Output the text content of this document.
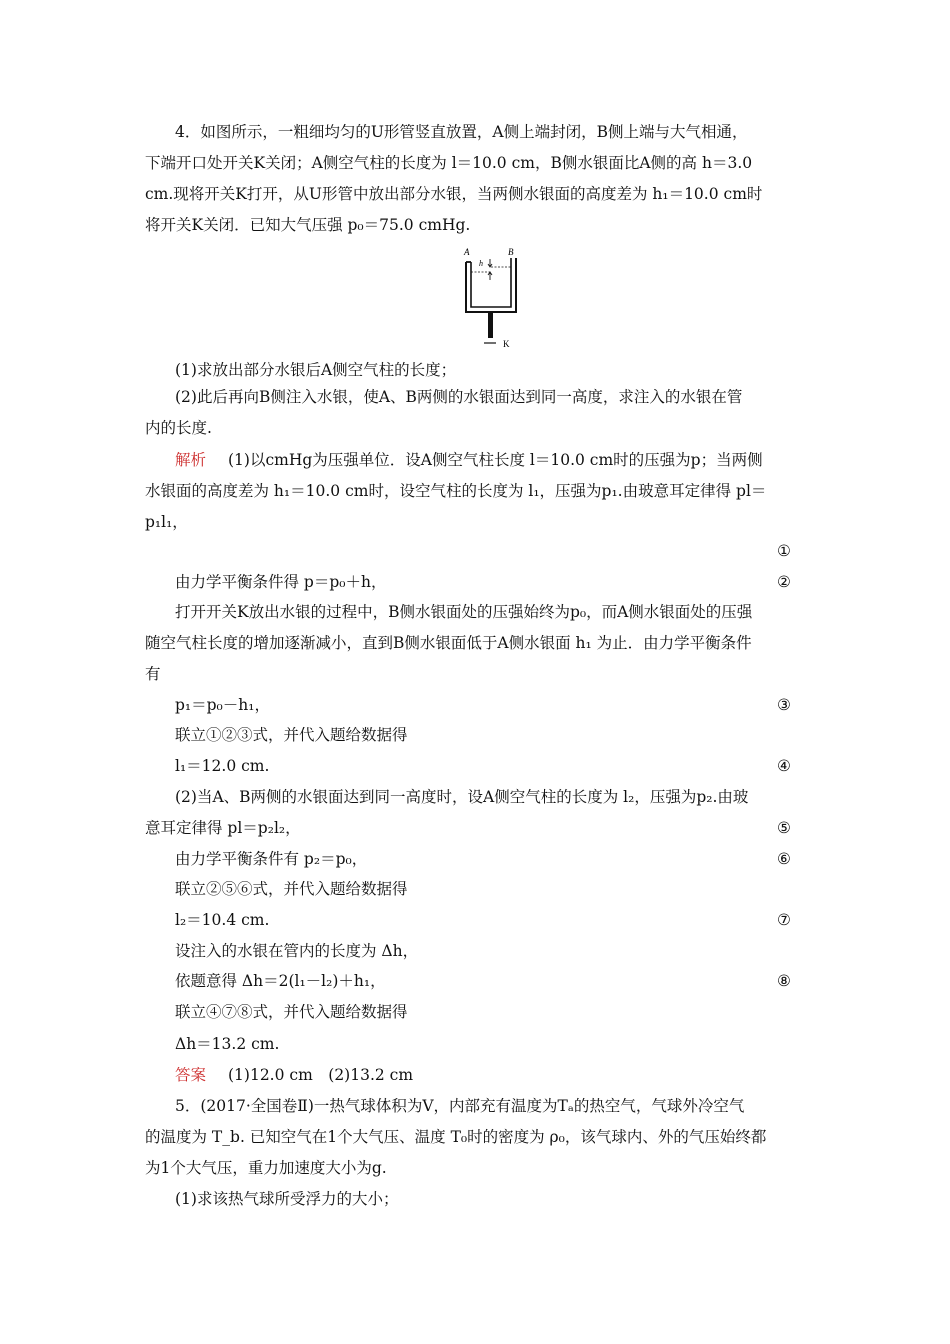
4．如图所示，一粗细均匀的U形管竖直放置，A侧上端封闭，B侧上端与大气相通，
下端开口处开关K关闭；A侧空气柱的长度为 l＝10.0 cm，B侧水银面比A侧的高 h＝3.0
cm.现将开关K打开，从U形管中放出部分水银，当两侧水银面的高度差为 h₁＝10.0 cm时
将开关K关闭．已知大气压强 p₀＝75.0 cmHg.
A	B
h
K
(1)求放出部分水银后A侧空气柱的长度；
(2)此后再向B侧注入水银，使A、B两侧的水银面达到同一高度，求注入的水银在管
内的长度.
解析 (1)以cmHg为压强单位．设A侧空气柱长度 l＝10.0 cm时的压强为p；当两侧
水银面的高度差为 h₁＝10.0 cm时，设空气柱的长度为 l₁，压强为p₁.由玻意耳定律得 pl＝
p₁l₁，
①
由力学平衡条件得 p＝p₀＋h，	②
打开开关K放出水银的过程中，B侧水银面处的压强始终为p₀，而A侧水银面处的压强
随空气柱长度的增加逐渐减小，直到B侧水银面低于A侧水银面 h₁ 为止．由力学平衡条件
有
p₁＝p₀－h₁，	③
联立①②③式，并代入题给数据得
l₁＝12.0 cm.	④
(2)当A、B两侧的水银面达到同一高度时，设A侧空气柱的长度为 l₂，压强为p₂.由玻
意耳定律得 pl＝p₂l₂，	⑤
由力学平衡条件有 p₂＝p₀，	⑥
联立②⑤⑥式，并代入题给数据得
l₂＝10.4 cm.	⑦
设注入的水银在管内的长度为 Δh，
依题意得 Δh＝2(l₁－l₂)＋h₁，	⑧
联立④⑦⑧式，并代入题给数据得
Δh＝13.2 cm.
答案 (1)12.0 cm　(2)13.2 cm
5．(2017·全国卷Ⅱ)一热气球体积为V，内部充有温度为Tₐ的热空气，气球外冷空气
的温度为 T_b. 已知空气在1个大气压、温度 T₀时的密度为 ρ₀，该气球内、外的气压始终都
为1个大气压，重力加速度大小为g.
(1)求该热气球所受浮力的大小；
